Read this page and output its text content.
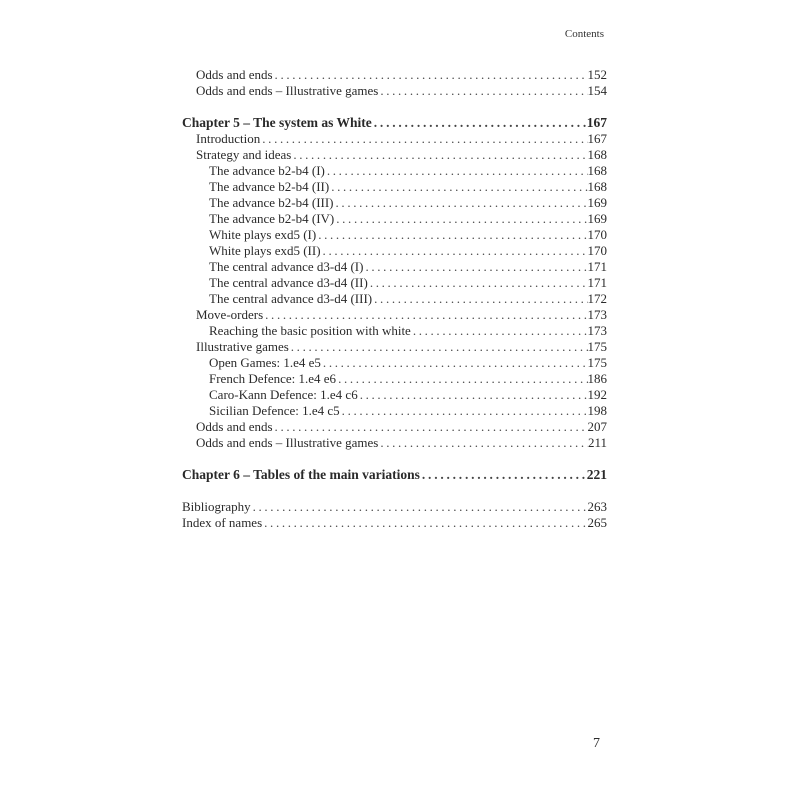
Contents
Odds and ends . . .	152
Odds and ends – Illustrative games . . .	154
Chapter 5 – The system as White . . .	167
Introduction . . .	167
Strategy and ideas . . .	168
The advance b2-b4 (I) . . .	168
The advance b2-b4 (II) . . .	168
The advance b2-b4 (III) . . .	169
The advance b2-b4 (IV) . . .	169
White plays exd5 (I) . . .	170
White plays exd5 (II) . . .	170
The central advance d3-d4 (I) . . .	171
The central advance d3-d4 (II) . . .	171
The central advance d3-d4 (III) . . .	172
Move-orders . . .	173
Reaching the basic position with white . . .	173
Illustrative games . . .	175
Open Games: 1.e4 e5 . . .	175
French Defence: 1.e4 e6 . . .	186
Caro-Kann Defence: 1.e4 c6 . . .	192
Sicilian Defence: 1.e4 c5 . . .	198
Odds and ends . . .	207
Odds and ends – Illustrative games . . .	211
Chapter 6 – Tables of the main variations . . .	221
Bibliography . . .	263
Index of names . . .	265
7
